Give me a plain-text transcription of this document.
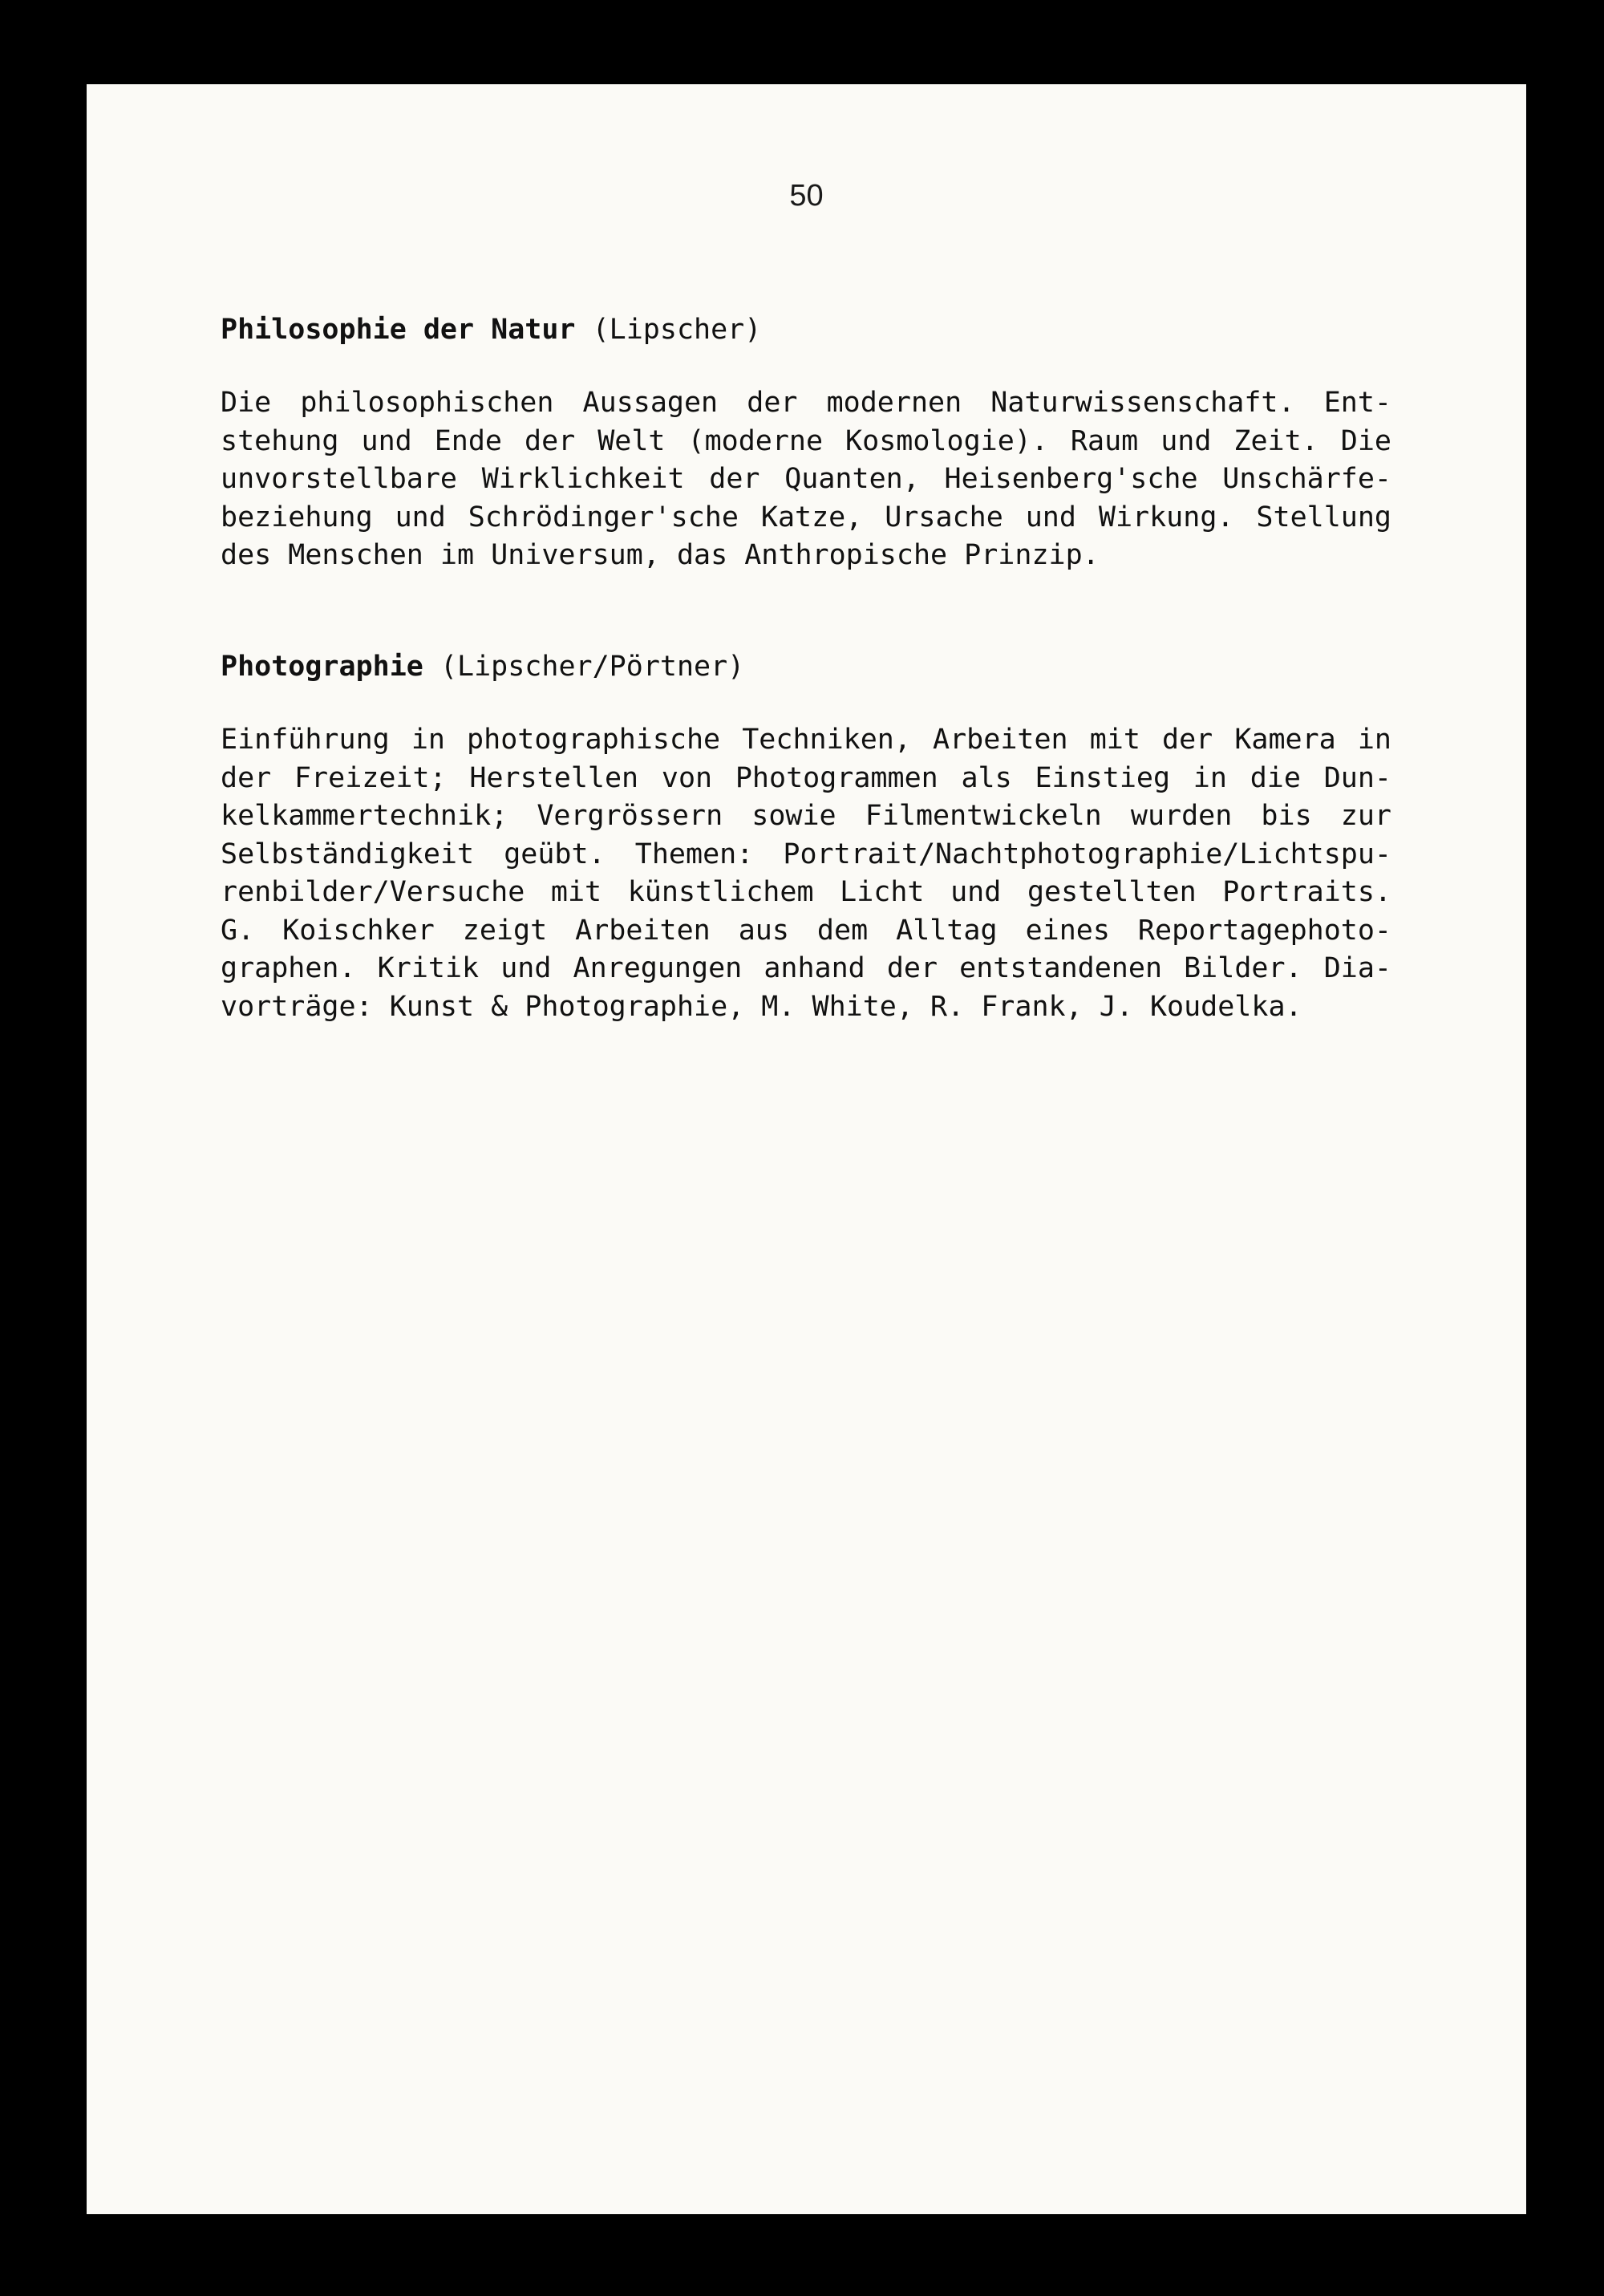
50
Philosophie der Natur (Lipscher)
Die philosophischen Aussagen der modernen Naturwissenschaft. Ent-
stehung und Ende der Welt (moderne Kosmologie). Raum und Zeit. Die
unvorstellbare Wirklichkeit der Quanten, Heisenberg'sche Unschärfe-
beziehung und Schrödinger'sche Katze, Ursache und Wirkung. Stellung
des Menschen im Universum, das Anthropische Prinzip.
Photographie (Lipscher/Pörtner)
Einführung in photographische Techniken, Arbeiten mit der Kamera in
der Freizeit; Herstellen von Photogrammen als Einstieg in die Dun-
kelkammertechnik; Vergrössern sowie Filmentwickeln wurden bis zur
Selbständigkeit geübt. Themen: Portrait/Nachtphotographie/Lichtspu-
renbilder/Versuche mit künstlichem Licht und gestellten Portraits.
G. Koischker zeigt Arbeiten aus dem Alltag eines Reportagephoto-
graphen. Kritik und Anregungen anhand der entstandenen Bilder. Dia-
vorträge: Kunst & Photographie, M. White, R. Frank, J. Koudelka.
